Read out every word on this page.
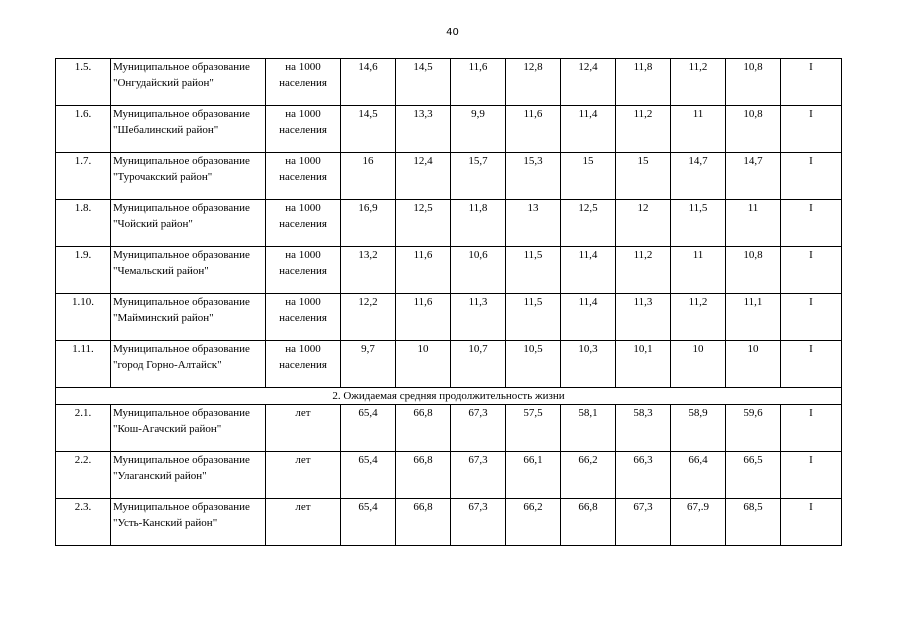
40
1.5.	Муниципальное образование "Онгудайский район"	на 1000 населения	14,6	14,5	11,6	12,8	12,4	11,8	11,2	10,8	I
1.6.	Муниципальное образование "Шебалинский район"	на 1000 населения	14,5	13,3	9,9	11,6	11,4	11,2	11	10,8	I
1.7.	Муниципальное образование "Турочакский район"	на 1000 населения	16	12,4	15,7	15,3	15	15	14,7	14,7	I
1.8.	Муниципальное образование "Чойский район"	на 1000 населения	16,9	12,5	11,8	13	12,5	12	11,5	11	I
1.9.	Муниципальное образование "Чемальский район"	на 1000 населения	13,2	11,6	10,6	11,5	11,4	11,2	11	10,8	I
1.10.	Муниципальное образование "Майминский район"	на 1000 населения	12,2	11,6	11,3	11,5	11,4	11,3	11,2	11,1	I
1.11.	Муниципальное образование "город Горно-Алтайск"	на 1000 населения	9,7	10	10,7	10,5	10,3	10,1	10	10	I
2. Ожидаемая средняя продолжительность жизни											
2.1.	Муниципальное образование "Кош-Агачский район"	лет	65,4	66,8	67,3	57,5	58,1	58,3	58,9	59,6	I
2.2.	Муниципальное образование "Улаганский район"	лет	65,4	66,8	67,3	66,1	66,2	66,3	66,4	66,5	I
2.3.	Муниципальное образование "Усть-Канский район"	лет	65,4	66,8	67,3	66,2	66,8	67,3	67,.9	68,5	I
